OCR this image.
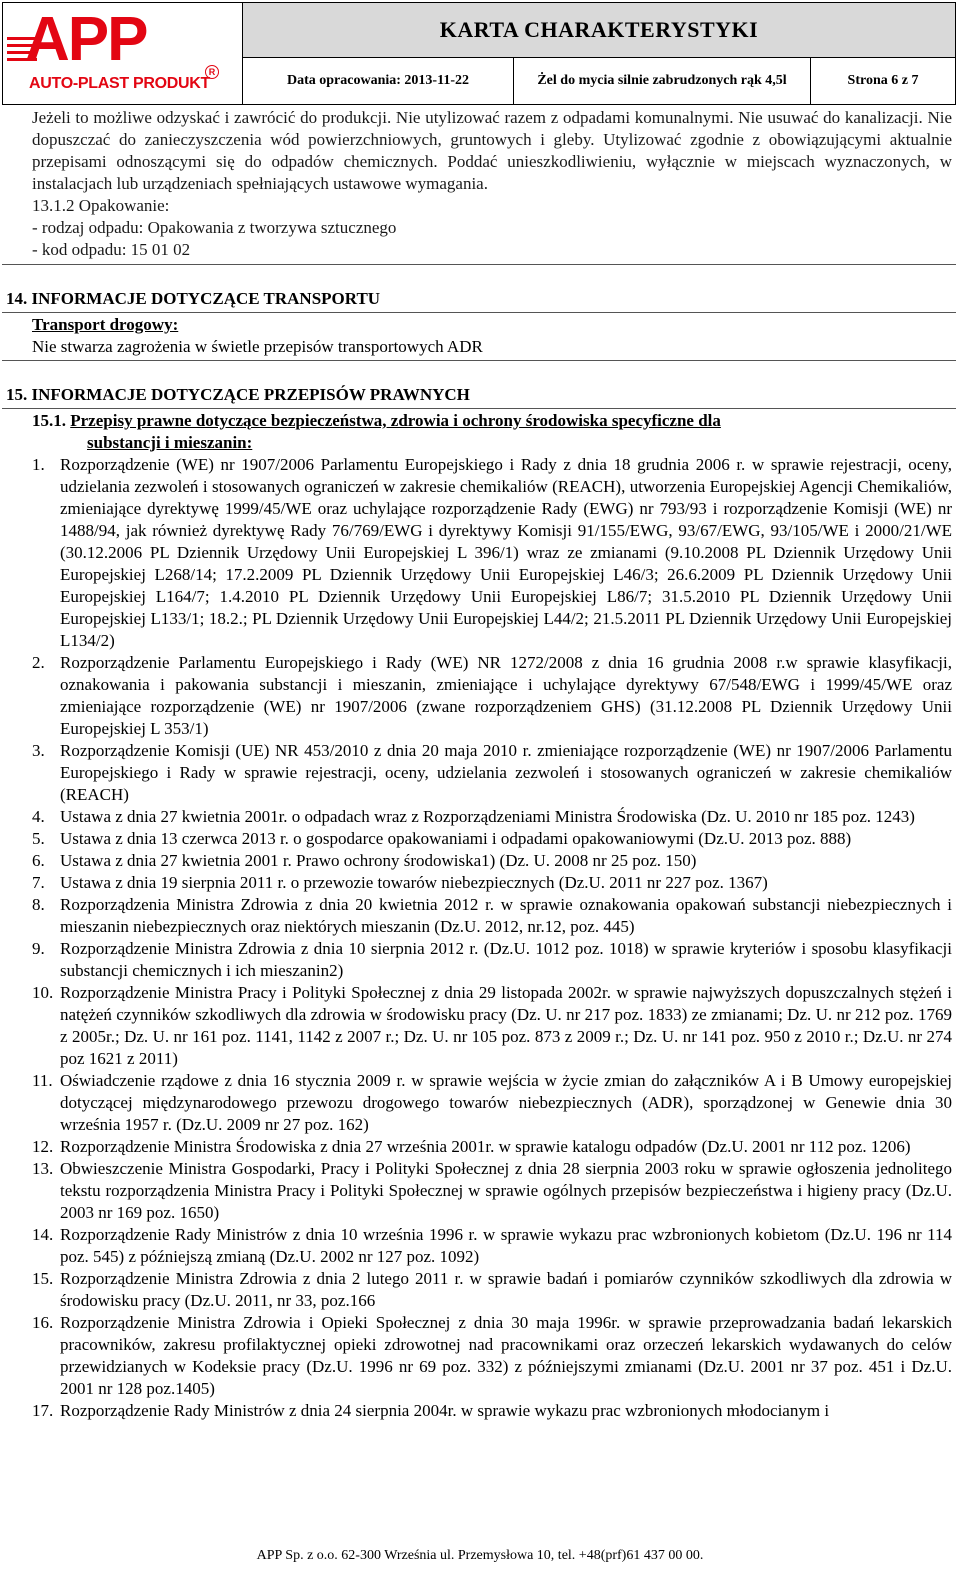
APP
AUTO-PLAST PRODUKT
R
KARTA CHARAKTERYSTYKI
Data opracowania: 2013-11-22	Żel do mycia silnie zabrudzonych rąk 4,5l	Strona 6 z 7
Jeżeli to możliwe odzyskać i zawrócić do produkcji. Nie utylizować razem z odpadami komunalnymi. Nie usuwać do kanalizacji. Nie dopuszczać do zanieczyszczenia wód powierzchniowych, gruntowych i gleby. Utylizować zgodnie z obowiązującymi aktualnie przepisami odnoszącymi się do odpadów chemicznych. Poddać unieszkodliwieniu, wyłącznie w miejscach wyznaczonych, w instalacjach lub urządzeniach spełniających ustawowe wymagania.
13.1.2 Opakowanie:
- rodzaj odpadu: Opakowania z tworzywa sztucznego
- kod odpadu: 15 01 02
14. INFORMACJE DOTYCZĄCE TRANSPORTU
Transport drogowy:
Nie stwarza zagrożenia w świetle przepisów transportowych ADR
15. INFORMACJE DOTYCZĄCE PRZEPISÓW PRAWNYCH
15.1. Przepisy prawne dotyczące bezpieczeństwa, zdrowia i ochrony środowiska specyficzne dla
substancji i mieszanin:
1. Rozporządzenie (WE) nr 1907/2006 Parlamentu Europejskiego i Rady z dnia 18 grudnia 2006 r. w sprawie rejestracji, oceny, udzielania zezwoleń i stosowanych ograniczeń w zakresie chemikaliów (REACH), utworzenia Europejskiej Agencji Chemikaliów, zmieniające dyrektywę 1999/45/WE oraz uchylające rozporządzenie Rady (EWG) nr 793/93 i rozporządzenie Komisji (WE) nr 1488/94, jak również dyrektywę Rady 76/769/EWG i dyrektywy Komisji 91/155/EWG, 93/67/EWG, 93/105/WE i 2000/21/WE (30.12.2006 PL Dziennik Urzędowy Unii Europejskiej L 396/1) wraz ze zmianami (9.10.2008 PL Dziennik Urzędowy Unii Europejskiej L268/14; 17.2.2009 PL Dziennik Urzędowy Unii Europejskiej L46/3; 26.6.2009 PL Dziennik Urzędowy Unii Europejskiej L164/7; 1.4.2010 PL Dziennik Urzędowy Unii Europejskiej L86/7; 31.5.2010 PL Dziennik Urzędowy Unii Europejskiej L133/1; 18.2.; PL Dziennik Urzędowy Unii Europejskiej L44/2; 21.5.2011 PL Dziennik Urzędowy Unii Europejskiej L134/2)
2. Rozporządzenie Parlamentu Europejskiego i Rady (WE) NR 1272/2008 z dnia 16 grudnia 2008 r.w sprawie klasyfikacji, oznakowania i pakowania substancji i mieszanin, zmieniające i uchylające dyrektywy 67/548/EWG i 1999/45/WE oraz zmieniające rozporządzenie (WE) nr 1907/2006 (zwane rozporządzeniem GHS) (31.12.2008 PL Dziennik Urzędowy Unii Europejskiej L 353/1)
3. Rozporządzenie Komisji (UE) NR 453/2010 z dnia 20 maja 2010 r. zmieniające rozporządzenie (WE) nr 1907/2006 Parlamentu Europejskiego i Rady w sprawie rejestracji, oceny, udzielania zezwoleń i stosowanych ograniczeń w zakresie chemikaliów (REACH)
4. Ustawa z dnia 27 kwietnia 2001r. o odpadach wraz z Rozporządzeniami Ministra Środowiska (Dz. U. 2010 nr 185 poz. 1243)
5. Ustawa z dnia 13 czerwca 2013 r. o gospodarce opakowaniami i odpadami opakowaniowymi (Dz.U. 2013 poz. 888)
6. Ustawa z dnia 27 kwietnia 2001 r. Prawo ochrony środowiska1) (Dz. U. 2008 nr 25 poz. 150)
7. Ustawa z dnia 19 sierpnia 2011 r. o przewozie towarów niebezpiecznych (Dz.U. 2011 nr 227 poz. 1367)
8. Rozporządzenia Ministra Zdrowia z dnia 20 kwietnia 2012 r. w sprawie oznakowania opakowań substancji niebezpiecznych i mieszanin niebezpiecznych oraz niektórych mieszanin (Dz.U. 2012, nr.12, poz. 445)
9. Rozporządzenie Ministra Zdrowia z dnia 10 sierpnia 2012 r. (Dz.U. 1012 poz. 1018) w sprawie kryteriów i sposobu klasyfikacji substancji chemicznych i ich mieszanin2)
10. Rozporządzenie Ministra Pracy i Polityki Społecznej z dnia 29 listopada 2002r. w sprawie najwyższych dopuszczalnych stężeń i natężeń czynników szkodliwych dla zdrowia w środowisku pracy (Dz. U. nr 217 poz. 1833) ze zmianami; Dz. U. nr 212 poz. 1769 z 2005r.; Dz. U. nr 161 poz. 1141, 1142 z 2007 r.; Dz. U. nr 105 poz. 873 z 2009 r.; Dz. U. nr 141 poz. 950 z 2010 r.; Dz.U. nr 274 poz 1621 z 2011)
11. Oświadczenie rządowe z dnia 16 stycznia 2009 r. w sprawie wejścia w życie zmian do załączników A i B Umowy europejskiej dotyczącej międzynarodowego przewozu drogowego towarów niebezpiecznych (ADR), sporządzonej w Genewie dnia 30 września 1957 r. (Dz.U. 2009 nr 27 poz. 162)
12. Rozporządzenie Ministra Środowiska z dnia 27 września 2001r. w sprawie katalogu odpadów (Dz.U. 2001 nr 112 poz. 1206)
13. Obwieszczenie Ministra Gospodarki, Pracy i Polityki Społecznej z dnia 28 sierpnia 2003 roku w sprawie ogłoszenia jednolitego tekstu rozporządzenia Ministra Pracy i Polityki Społecznej w sprawie ogólnych przepisów bezpieczeństwa i higieny pracy (Dz.U. 2003 nr 169 poz. 1650)
14. Rozporządzenie Rady Ministrów z dnia 10 września 1996 r. w sprawie wykazu prac wzbronionych kobietom (Dz.U. 196 nr 114 poz. 545) z późniejszą zmianą (Dz.U. 2002 nr 127 poz. 1092)
15. Rozporządzenie Ministra Zdrowia z dnia 2 lutego 2011 r. w sprawie badań i pomiarów czynników szkodliwych dla zdrowia w środowisku pracy (Dz.U. 2011, nr 33, poz.166
16. Rozporządzenie Ministra Zdrowia i Opieki Społecznej z dnia 30 maja 1996r. w sprawie przeprowadzania badań lekarskich pracowników, zakresu profilaktycznej opieki zdrowotnej nad pracownikami oraz orzeczeń lekarskich wydawanych do celów przewidzianych w Kodeksie pracy (Dz.U. 1996 nr 69 poz. 332) z późniejszymi zmianami (Dz.U. 2001 nr 37 poz. 451 i Dz.U. 2001 nr 128 poz.1405)
17. Rozporządzenie Rady Ministrów z dnia 24 sierpnia 2004r. w sprawie wykazu prac wzbronionych młodocianym i
APP Sp. z o.o. 62-300 Września ul. Przemysłowa 10, tel. +48(prf)61 437 00 00.
